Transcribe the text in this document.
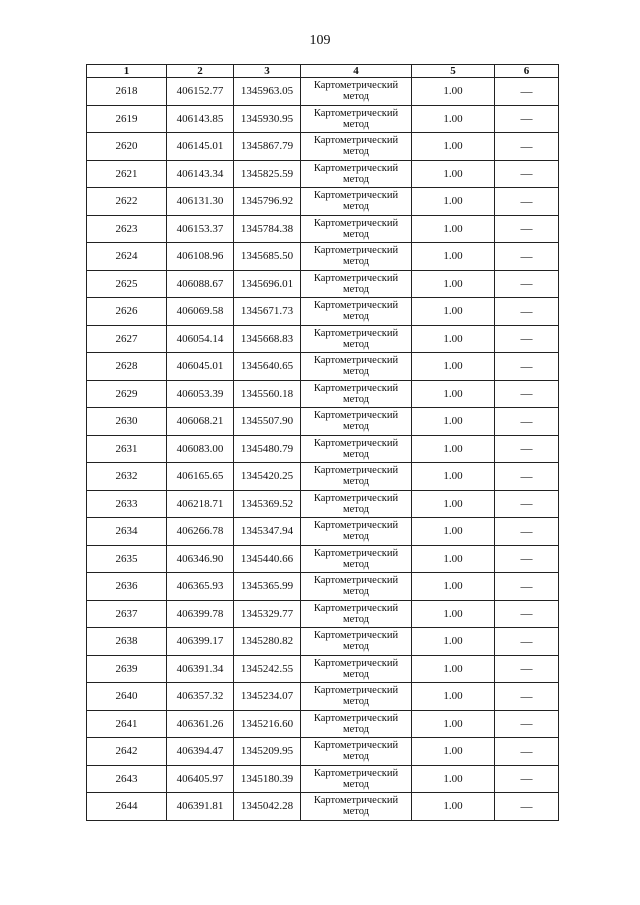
109
1	2	3	4	5	6
2618	406152.77	1345963.05	Картометрический метод	1.00	—
2619	406143.85	1345930.95	Картометрический метод	1.00	—
2620	406145.01	1345867.79	Картометрический метод	1.00	—
2621	406143.34	1345825.59	Картометрический метод	1.00	—
2622	406131.30	1345796.92	Картометрический метод	1.00	—
2623	406153.37	1345784.38	Картометрический метод	1.00	—
2624	406108.96	1345685.50	Картометрический метод	1.00	—
2625	406088.67	1345696.01	Картометрический метод	1.00	—
2626	406069.58	1345671.73	Картометрический метод	1.00	—
2627	406054.14	1345668.83	Картометрический метод	1.00	—
2628	406045.01	1345640.65	Картометрический метод	1.00	—
2629	406053.39	1345560.18	Картометрический метод	1.00	—
2630	406068.21	1345507.90	Картометрический метод	1.00	—
2631	406083.00	1345480.79	Картометрический метод	1.00	—
2632	406165.65	1345420.25	Картометрический метод	1.00	—
2633	406218.71	1345369.52	Картометрический метод	1.00	—
2634	406266.78	1345347.94	Картометрический метод	1.00	—
2635	406346.90	1345440.66	Картометрический метод	1.00	—
2636	406365.93	1345365.99	Картометрический метод	1.00	—
2637	406399.78	1345329.77	Картометрический метод	1.00	—
2638	406399.17	1345280.82	Картометрический метод	1.00	—
2639	406391.34	1345242.55	Картометрический метод	1.00	—
2640	406357.32	1345234.07	Картометрический метод	1.00	—
2641	406361.26	1345216.60	Картометрический метод	1.00	—
2642	406394.47	1345209.95	Картометрический метод	1.00	—
2643	406405.97	1345180.39	Картометрический метод	1.00	—
2644	406391.81	1345042.28	Картометрический метод	1.00	—
